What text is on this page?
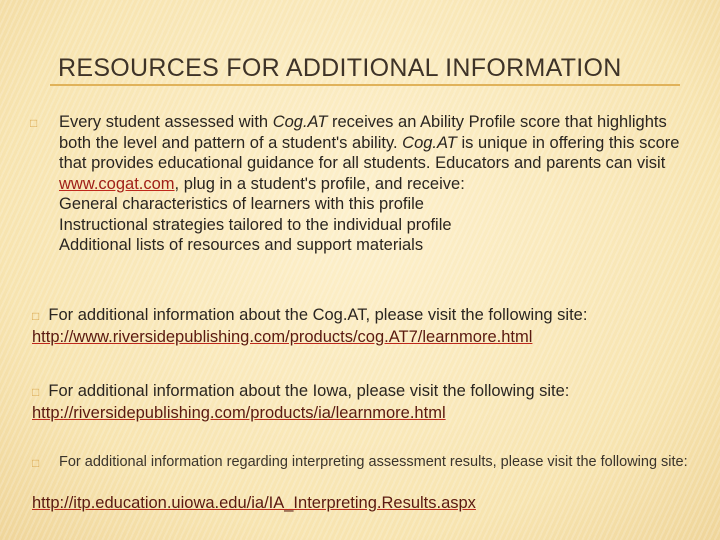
RESOURCES FOR ADDITIONAL INFORMATION
□ Every student assessed with Cog.AT receives an Ability Profile score that highlights both the level and pattern of a student's ability. Cog.AT is unique in offering this score that provides educational guidance for all students. Educators and parents can visit www.cogat.com, plug in a student's profile, and receive:
General characteristics of learners with this profile
Instructional strategies tailored to the individual profile
Additional lists of resources and support materials
□ For additional information about the Cog.AT, please visit the following site:
http://www.riversidepublishing.com/products/cog.AT7/learnmore.html
□ For additional information about the Iowa, please visit the following site:
http://riversidepublishing.com/products/ia/learnmore.html
□ For additional information regarding interpreting assessment results, please visit the following site:
http://itp.education.uiowa.edu/ia/IA_Interpreting.Results.aspx
